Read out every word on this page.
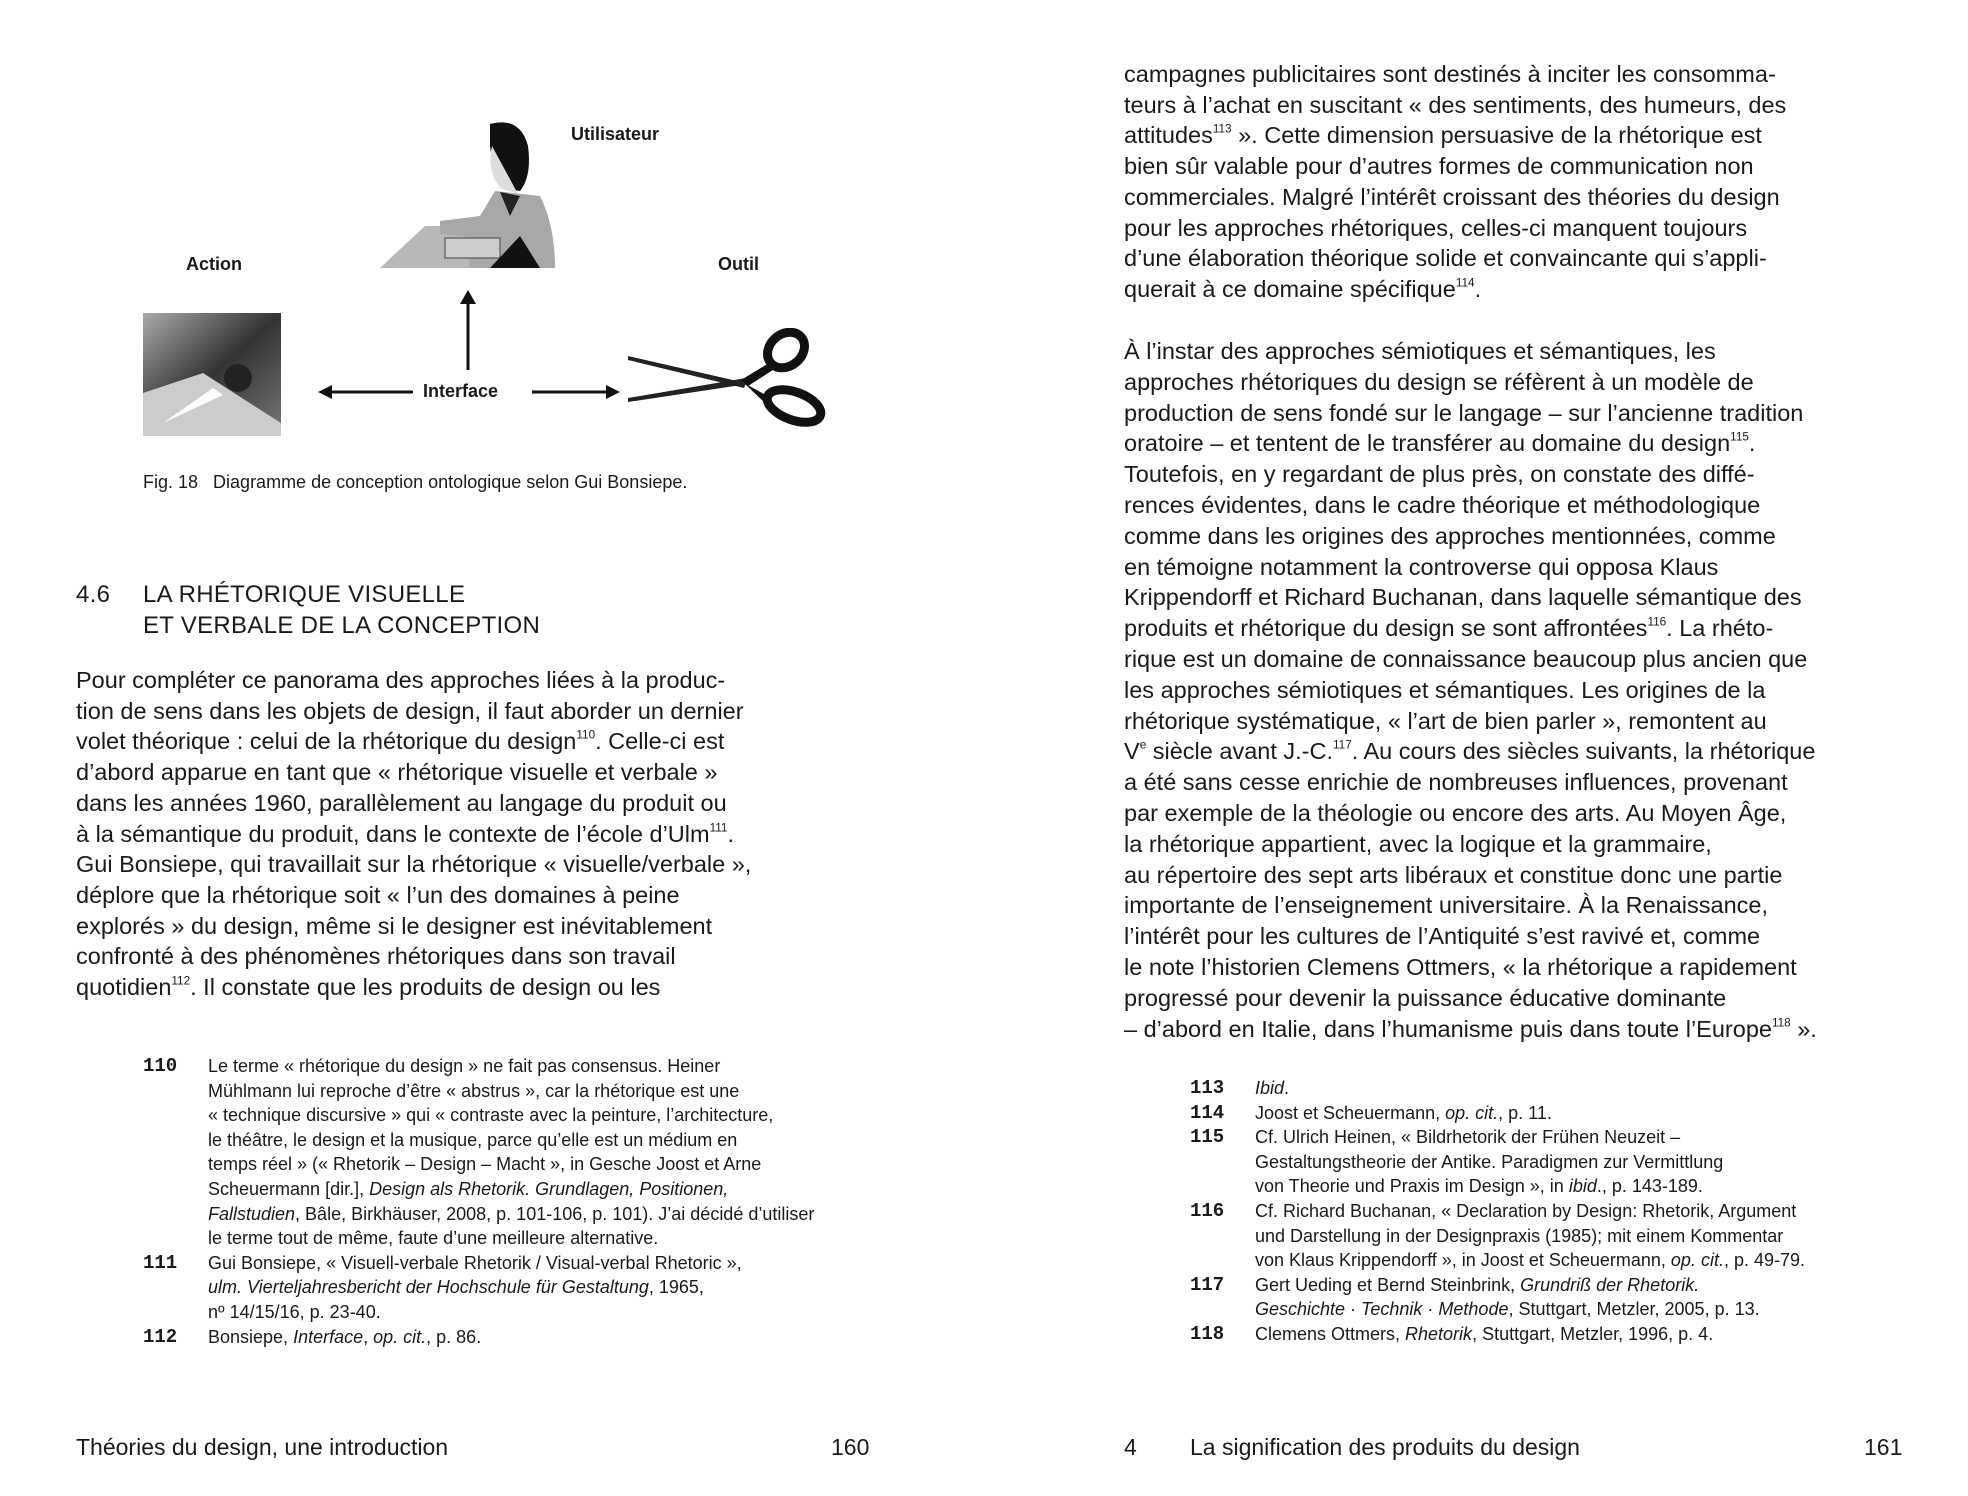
Utilisateur
Action	Outil
Interface
Fig. 18 Diagramme de conception ontologique selon Gui Bonsiepe.
4.6 LA RHÉTORIQUE VISUELLE
ET VERBALE DE LA CONCEPTION
Pour compléter ce panorama des approches liées à la produc-
tion de sens dans les objets de design, il faut aborder un dernier
volet théorique : celui de la rhétorique du design$^{110}$. Celle-ci est
d’abord apparue en tant que « rhétorique visuelle et verbale »
dans les années 1960, parallèlement au langage du produit ou
à la sémantique du produit, dans le contexte de l’école d’Ulm$^{111}$.
Gui Bonsiepe, qui travaillait sur la rhétorique « visuelle/verbale »,
déplore que la rhétorique soit « l’un des domaines à peine
explorés » du design, même si le designer est inévitablement
confronté à des phénomènes rhétoriques dans son travail
quotidien$^{112}$. Il constate que les produits de design ou les
110 Le terme « rhétorique du design » ne fait pas consensus. Heiner
Mühlmann lui reproche d’être « abstrus », car la rhétorique est une
« technique discursive » qui « contraste avec la peinture, l’architecture,
le théâtre, le design et la musique, parce qu’elle est un médium en
temps réel » (« Rhetorik – Design – Macht », in Gesche Joost et Arne
Scheuermann [dir.], Design als Rhetorik. Grundlagen, Positionen,
Fallstudien, Bâle, Birkhäuser, 2008, p. 101-106, p. 101). J’ai décidé d’utiliser
le terme tout de même, faute d’une meilleure alternative.
111 Gui Bonsiepe, « Visuell-verbale Rhetorik / Visual-verbal Rhetoric »,
ulm. Vierteljahresbericht der Hochschule für Gestaltung, 1965,
nº 14/15/16, p. 23-40.
112 Bonsiepe, Interface, op. cit., p. 86.
campagnes publicitaires sont destinés à inciter les consomma-
teurs à l’achat en suscitant « des sentiments, des humeurs, des
attitudes$^{113}$ ». Cette dimension persuasive de la rhétorique est
bien sûr valable pour d’autres formes de communication non
commerciales. Malgré l’intérêt croissant des théories du design
pour les approches rhétoriques, celles-ci manquent toujours
d’une élaboration théorique solide et convaincante qui s’appli-
querait à ce domaine spécifique$^{114}$.
À l’instar des approches sémiotiques et sémantiques, les
approches rhétoriques du design se réfèrent à un modèle de
production de sens fondé sur le langage – sur l’ancienne tradition
oratoire – et tentent de le transférer au domaine du design$^{115}$.
Toutefois, en y regardant de plus près, on constate des diffé-
rences évidentes, dans le cadre théorique et méthodologique
comme dans les origines des approches mentionnées, comme
en témoigne notamment la controverse qui opposa Klaus
Krippendorff et Richard Buchanan, dans laquelle sémantique des
produits et rhétorique du design se sont affrontées$^{116}$. La rhéto-
rique est un domaine de connaissance beaucoup plus ancien que
les approches sémiotiques et sémantiques. Les origines de la
rhétorique systématique, « l’art de bien parler », remontent au
Ve siècle avant J.-C.$^{117}$. Au cours des siècles suivants, la rhétorique
a été sans cesse enrichie de nombreuses influences, provenant
par exemple de la théologie ou encore des arts. Au Moyen Âge,
la rhétorique appartient, avec la logique et la grammaire,
au répertoire des sept arts libéraux et constitue donc une partie
importante de l’enseignement universitaire. À la Renaissance,
l’intérêt pour les cultures de l’Antiquité s’est ravivé et, comme
le note l’historien Clemens Ottmers, « la rhétorique a rapidement
progressé pour devenir la puissance éducative dominante
– d’abord en Italie, dans l’humanisme puis dans toute l’Europe$^{118}$ ».
113 Ibid.
114 Joost et Scheuermann, op. cit., p. 11.
115 Cf. Ulrich Heinen, « Bildrhetorik der Frühen Neuzeit –
Gestaltungstheorie der Antike. Paradigmen zur Vermittlung
von Theorie und Praxis im Design », in ibid., p. 143-189.
116 Cf. Richard Buchanan, « Declaration by Design: Rhetorik, Argument
und Darstellung in der Designpraxis (1985); mit einem Kommentar
von Klaus Krippendorff », in Joost et Scheuermann, op. cit., p. 49-79.
117 Gert Ueding et Bernd Steinbrink, Grundriß der Rhetorik.
Geschichte · Technik · Methode, Stuttgart, Metzler, 2005, p. 13.
118 Clemens Ottmers, Rhetorik, Stuttgart, Metzler, 1996, p. 4.
Théories du design, une introduction	160	4 La signification des produits du design	161
